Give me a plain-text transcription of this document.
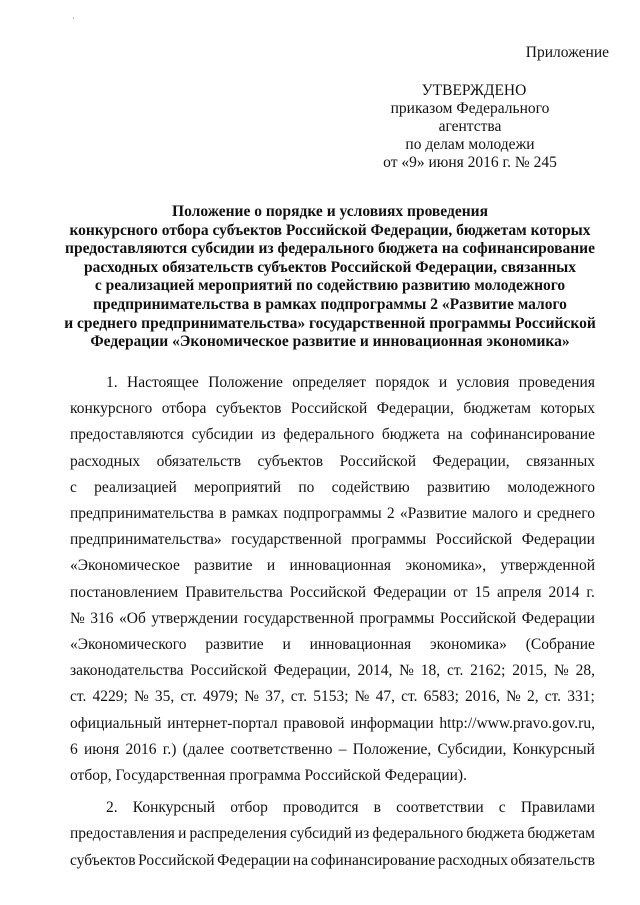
Приложение
УТВЕРЖДЕНО
приказом Федерального агентства
по делам молодежи
от «9» июня 2016 г. № 245
Положение о порядке и условиях проведения
конкурсного отбора субъектов Российской Федерации, бюджетам которых
предоставляются субсидии из федерального бюджета на софинансирование
расходных обязательств субъектов Российской Федерации, связанных
с реализацией мероприятий по содействию развитию молодежного
предпринимательства в рамках подпрограммы 2 «Развитие малого
и среднего предпринимательства» государственной программы Российской
Федерации «Экономическое развитие и инновационная экономика»
1. Настоящее Положение определяет порядок и условия проведения
конкурсного отбора субъектов Российской Федерации, бюджетам которых
предоставляются субсидии из федерального бюджета на софинансирование
расходных обязательств субъектов Российской Федерации, связанных
с реализацией мероприятий по содействию развитию молодежного
предпринимательства в рамках подпрограммы 2 «Развитие малого и среднего
предпринимательства» государственной программы Российской Федерации
«Экономическое развитие и инновационная экономика», утвержденной
постановлением Правительства Российской Федерации от 15 апреля 2014 г.
№ 316 «Об утверждении государственной программы Российской Федерации
«Экономического развитие и инновационная экономика» (Собрание
законодательства Российской Федерации, 2014, № 18, ст. 2162; 2015, № 28,
ст. 4229; № 35, ст. 4979; № 37, ст. 5153; № 47, ст. 6583; 2016, № 2, ст. 331;
официальный интернет-портал правовой информации http://www.pravo.gov.ru,
6 июня 2016 г.) (далее соответственно – Положение, Субсидии, Конкурсный
отбор, Государственная программа Российской Федерации).
2. Конкурсный отбор проводится в соответствии с Правилами
предоставления и распределения субсидий из федерального бюджета бюджетам
субъектов Российской Федерации на софинансирование расходных обязательств
